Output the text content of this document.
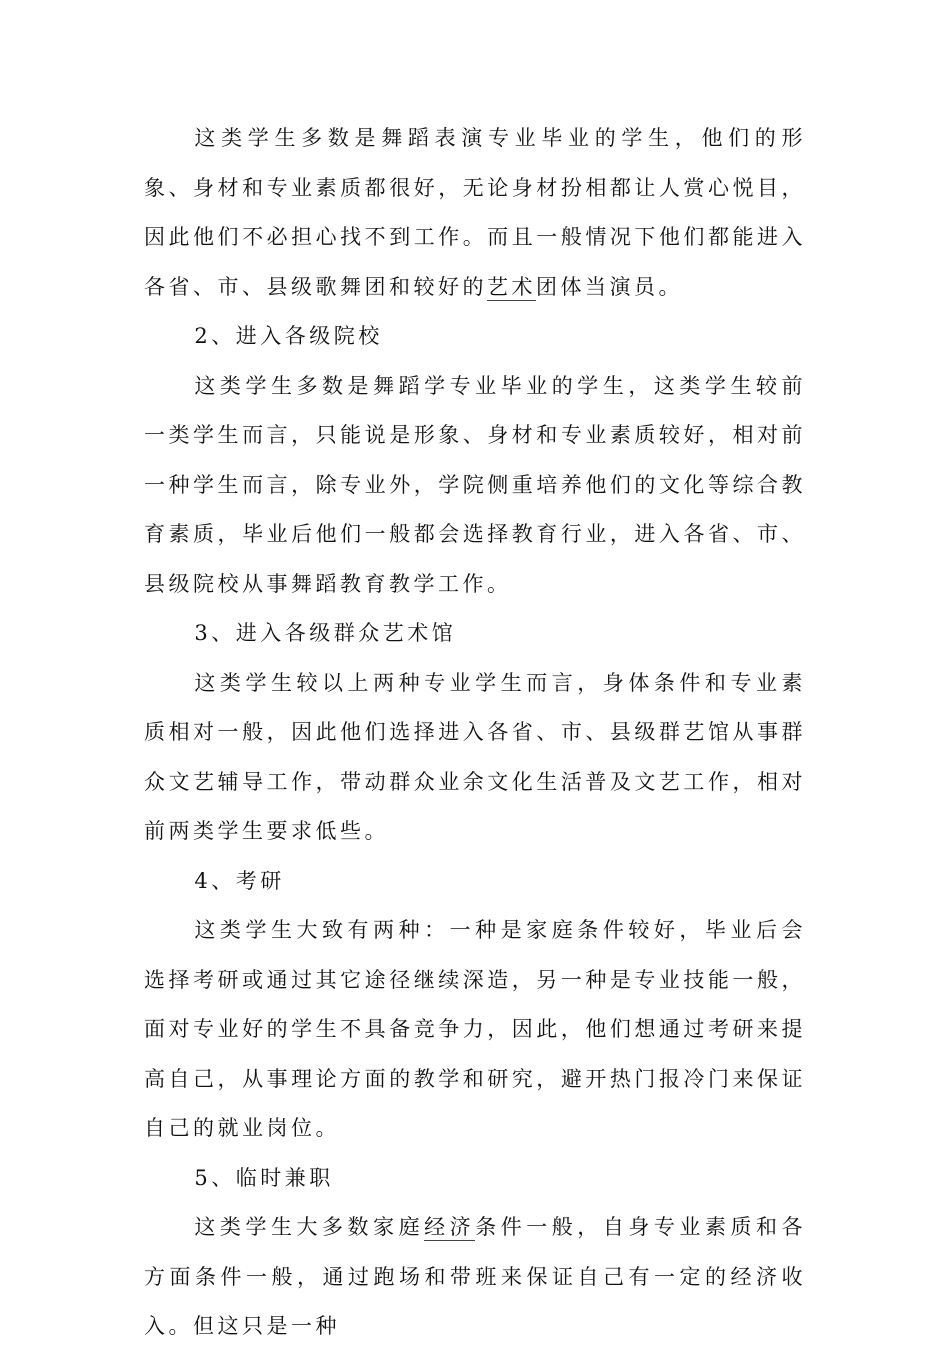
这类学生多数是舞蹈表演专业毕业的学生，他们的形象、身材和专业素质都很好，无论身材扮相都让人赏心悦目，因此他们不必担心找不到工作。而且一般情况下他们都能进入各省、市、县级歌舞团和较好的艺术团体当演员。

2、进入各级院校

这类学生多数是舞蹈学专业毕业的学生，这类学生较前一类学生而言，只能说是形象、身材和专业素质较好，相对前一种学生而言，除专业外，学院侧重培养他们的文化等综合教育素质，毕业后他们一般都会选择教育行业，进入各省、市、县级院校从事舞蹈教育教学工作。

3、进入各级群众艺术馆

这类学生较以上两种专业学生而言，身体条件和专业素质相对一般，因此他们选择进入各省、市、县级群艺馆从事群众文艺辅导工作，带动群众业余文化生活普及文艺工作，相对前两类学生要求低些。

4、考研

这类学生大致有两种：一种是家庭条件较好，毕业后会选择考研或通过其它途径继续深造，另一种是专业技能一般，面对专业好的学生不具备竞争力，因此，他们想通过考研来提高自己，从事理论方面的教学和研究，避开热门报冷门来保证自己的就业岗位。

5、临时兼职

这类学生大多数家庭经济条件一般，自身专业素质和各方面条件一般，通过跑场和带班来保证自己有一定的经济收入。但这只是一种
